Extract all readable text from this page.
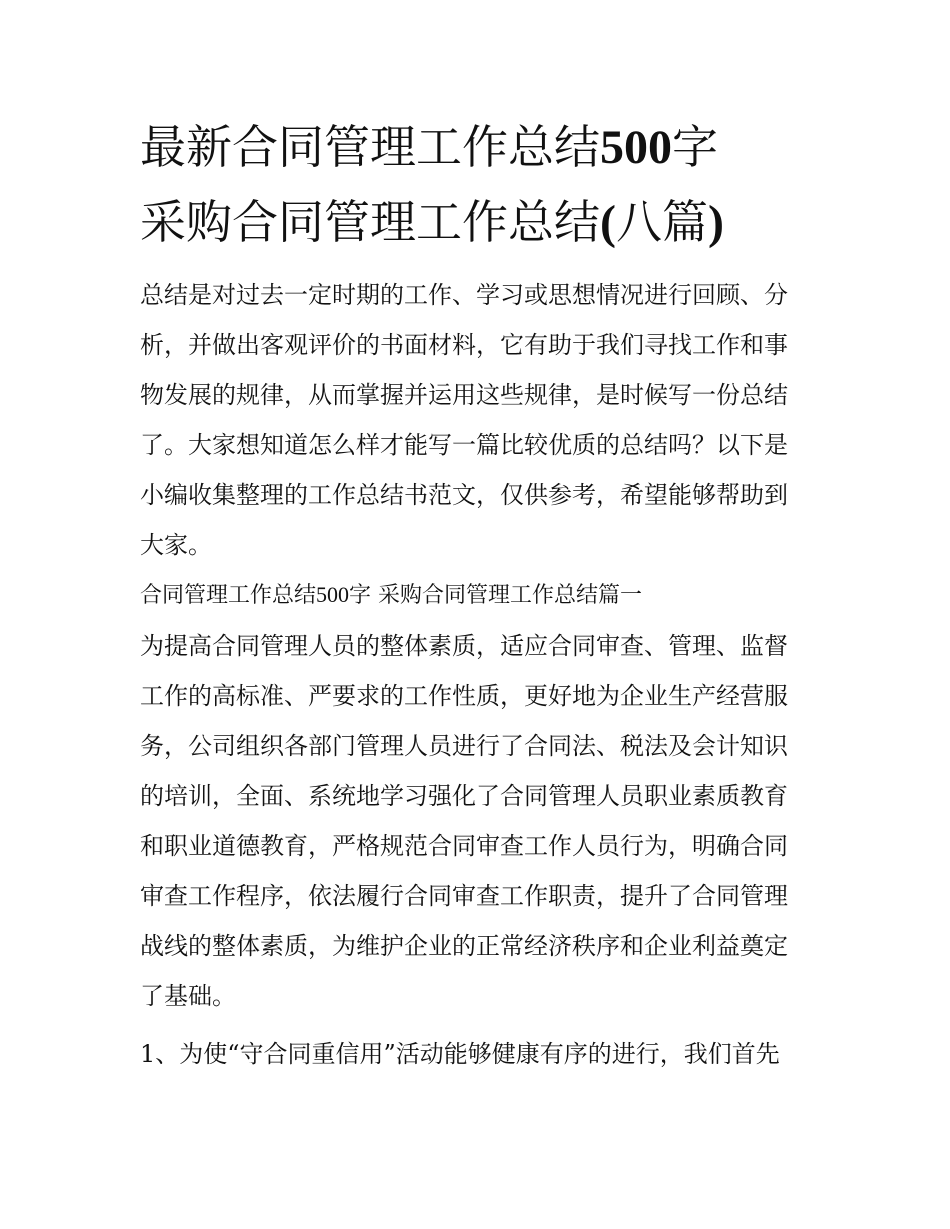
最新合同管理工作总结500字
采购合同管理工作总结(八篇)

总结是对过去一定时期的工作、学习或思想情况进行回顾、分
析，并做出客观评价的书面材料，它有助于我们寻找工作和事
物发展的规律，从而掌握并运用这些规律，是时候写一份总结
了。大家想知道怎么样才能写一篇比较优质的总结吗？以下是
小编收集整理的工作总结书范文，仅供参考，希望能够帮助到
大家。

合同管理工作总结500字 采购合同管理工作总结篇一

为提高合同管理人员的整体素质，适应合同审查、管理、监督
工作的高标准、严要求的工作性质，更好地为企业生产经营服
务，公司组织各部门管理人员进行了合同法、税法及会计知识
的培训，全面、系统地学习强化了合同管理人员职业素质教育
和职业道德教育，严格规范合同审查工作人员行为，明确合同
审查工作程序，依法履行合同审查工作职责，提升了合同管理
战线的整体素质，为维护企业的正常经济秩序和企业利益奠定
了基础。

1、为使“守合同重信用”活动能够健康有序的进行，我们首先
